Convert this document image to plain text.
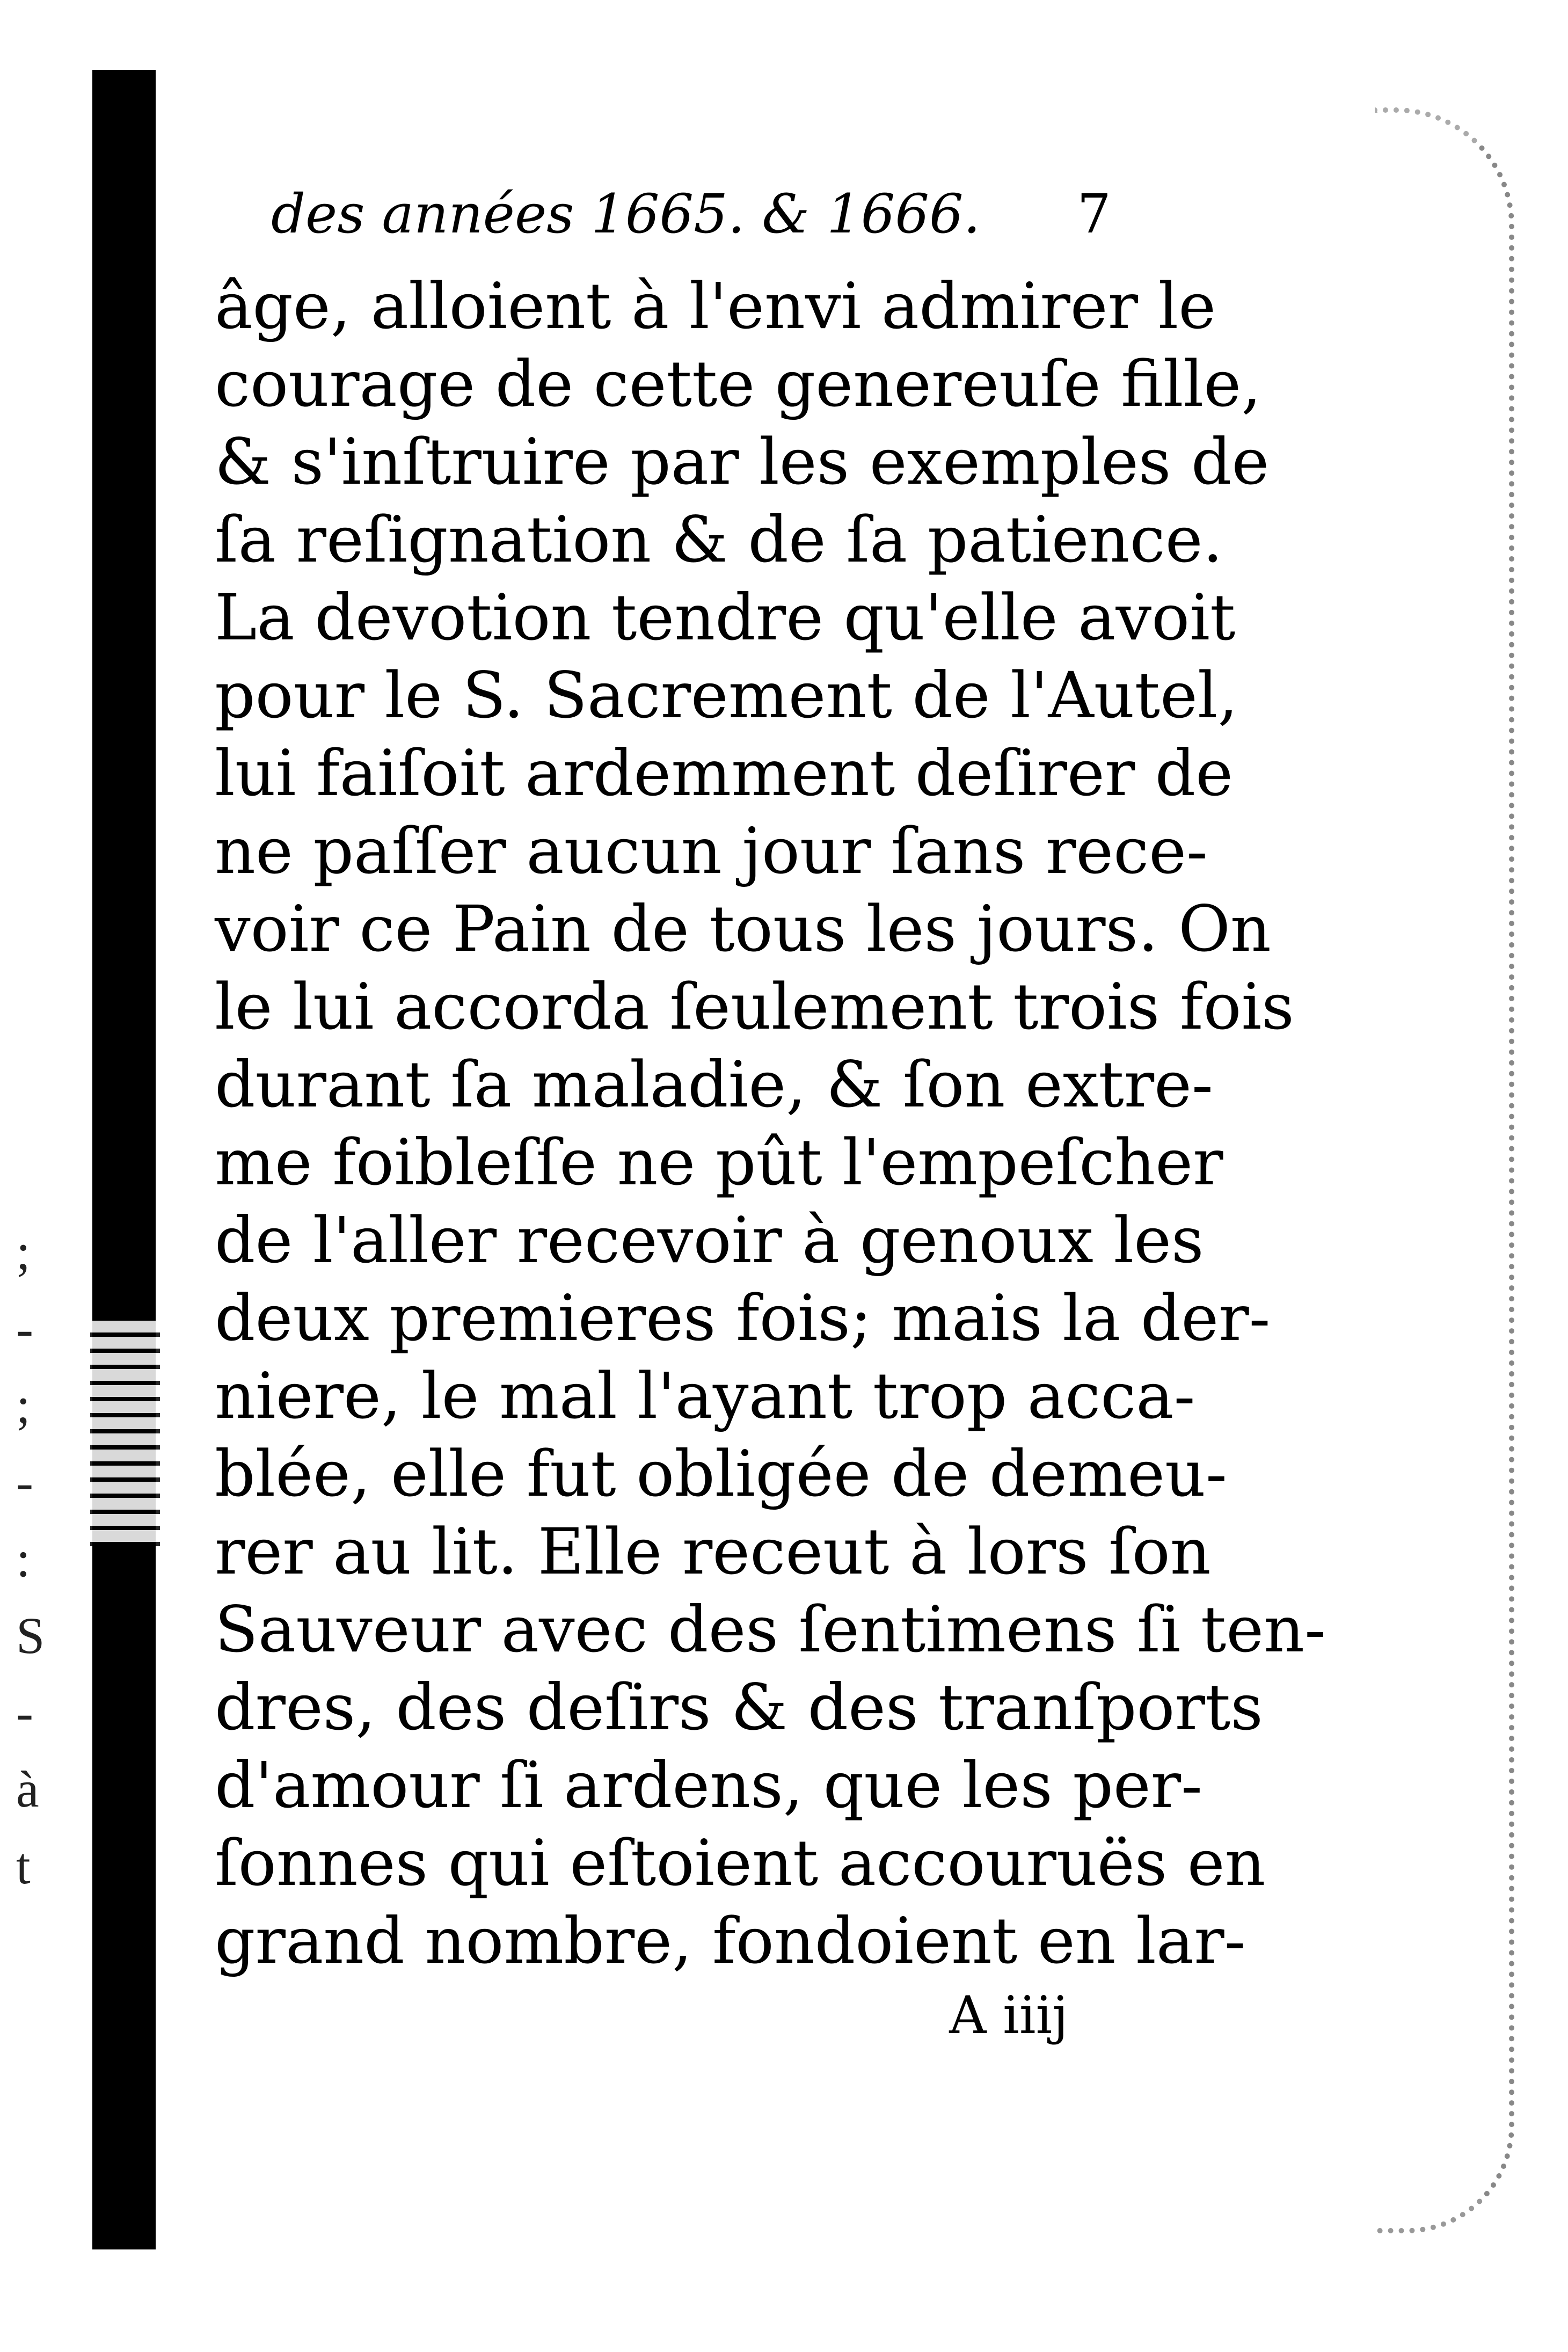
;
-
;
-
:
S
-
à
t
des années 1665. & 1666. 7
âge, alloient à l'envi admirer le
courage de cette genereuſe fille,
& s'inſtruire par les exemples de
ſa reſignation & de ſa patience.
La devotion tendre qu'elle avoit
pour le S. Sacrement de l'Autel,
lui faiſoit ardemment deſirer de
ne paſſer aucun jour ſans rece-
voir ce Pain de tous les jours. On
le lui accorda ſeulement trois fois
durant ſa maladie, & ſon extre-
me foibleſſe ne pût l'empeſcher
de l'aller recevoir à genoux les
deux premieres fois; mais la der-
niere, le mal l'ayant trop acca-
blée, elle fut obligée de demeu-
rer au lit. Elle receut à lors ſon
Sauveur avec des ſentimens ſi ten-
dres, des deſirs & des tranſports
d'amour ſi ardens, que les per-
ſonnes qui eſtoient accouruës en
grand nombre, fondoient en lar-
A iiij
